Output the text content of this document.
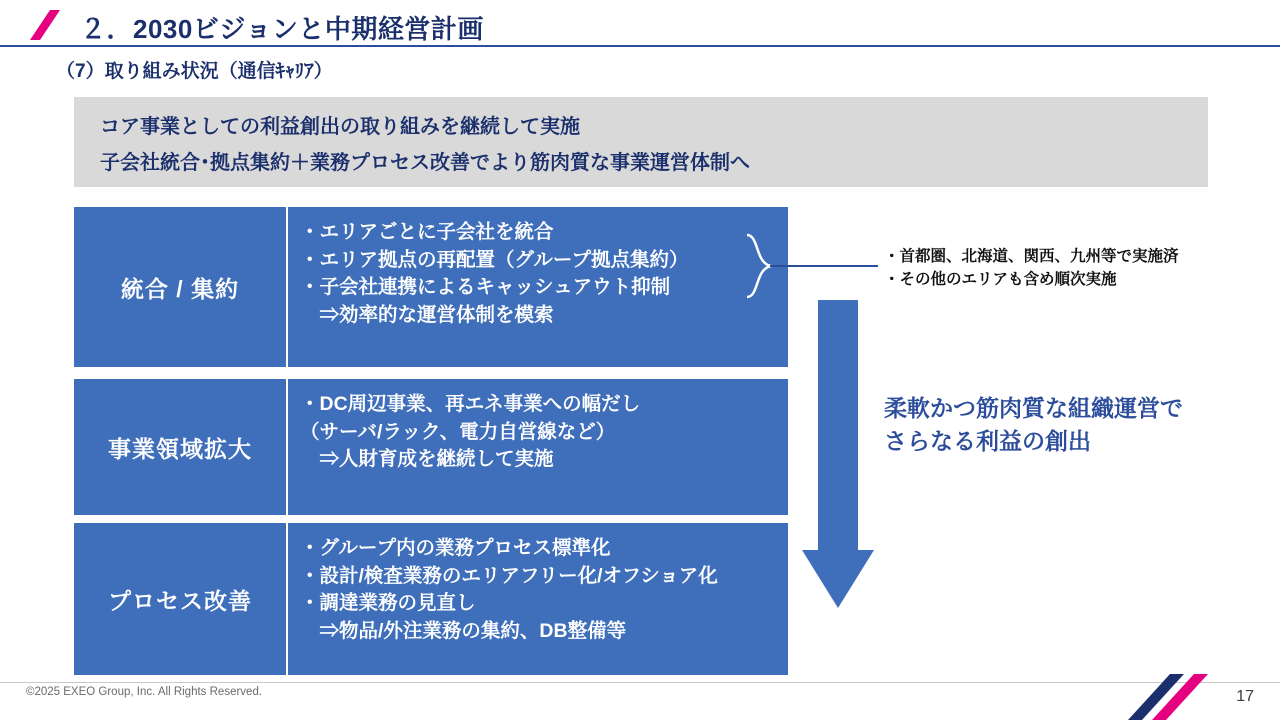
２．2030ビジョンと中期経営計画
（7）取り組み状況（通信ｷｬﾘｱ）
コア事業としての利益創出の取り組みを継続して実施
子会社統合･拠点集約＋業務プロセス改善でより筋肉質な事業運営体制へ
統合 / 集約
・エリアごとに子会社を統合
・エリア拠点の再配置（グループ拠点集約）
・子会社連携によるキャッシュアウト抑制
　⇒効率的な運営体制を模索
・首都圏、北海道、関西、九州等で実施済
・その他のエリアも含め順次実施
事業領域拡大
・DC周辺事業、再エネ事業への幅だし
（サーバ/ラック、電力自営線など）
　⇒人財育成を継続して実施
プロセス改善
・グループ内の業務プロセス標準化
・設計/検査業務のエリアフリー化/オフショア化
・調達業務の見直し
　⇒物品/外注業務の集約、DB整備等
柔軟かつ筋肉質な組織運営で
さらなる利益の創出
©2025 EXEO Group, Inc. All Rights Reserved.	17
